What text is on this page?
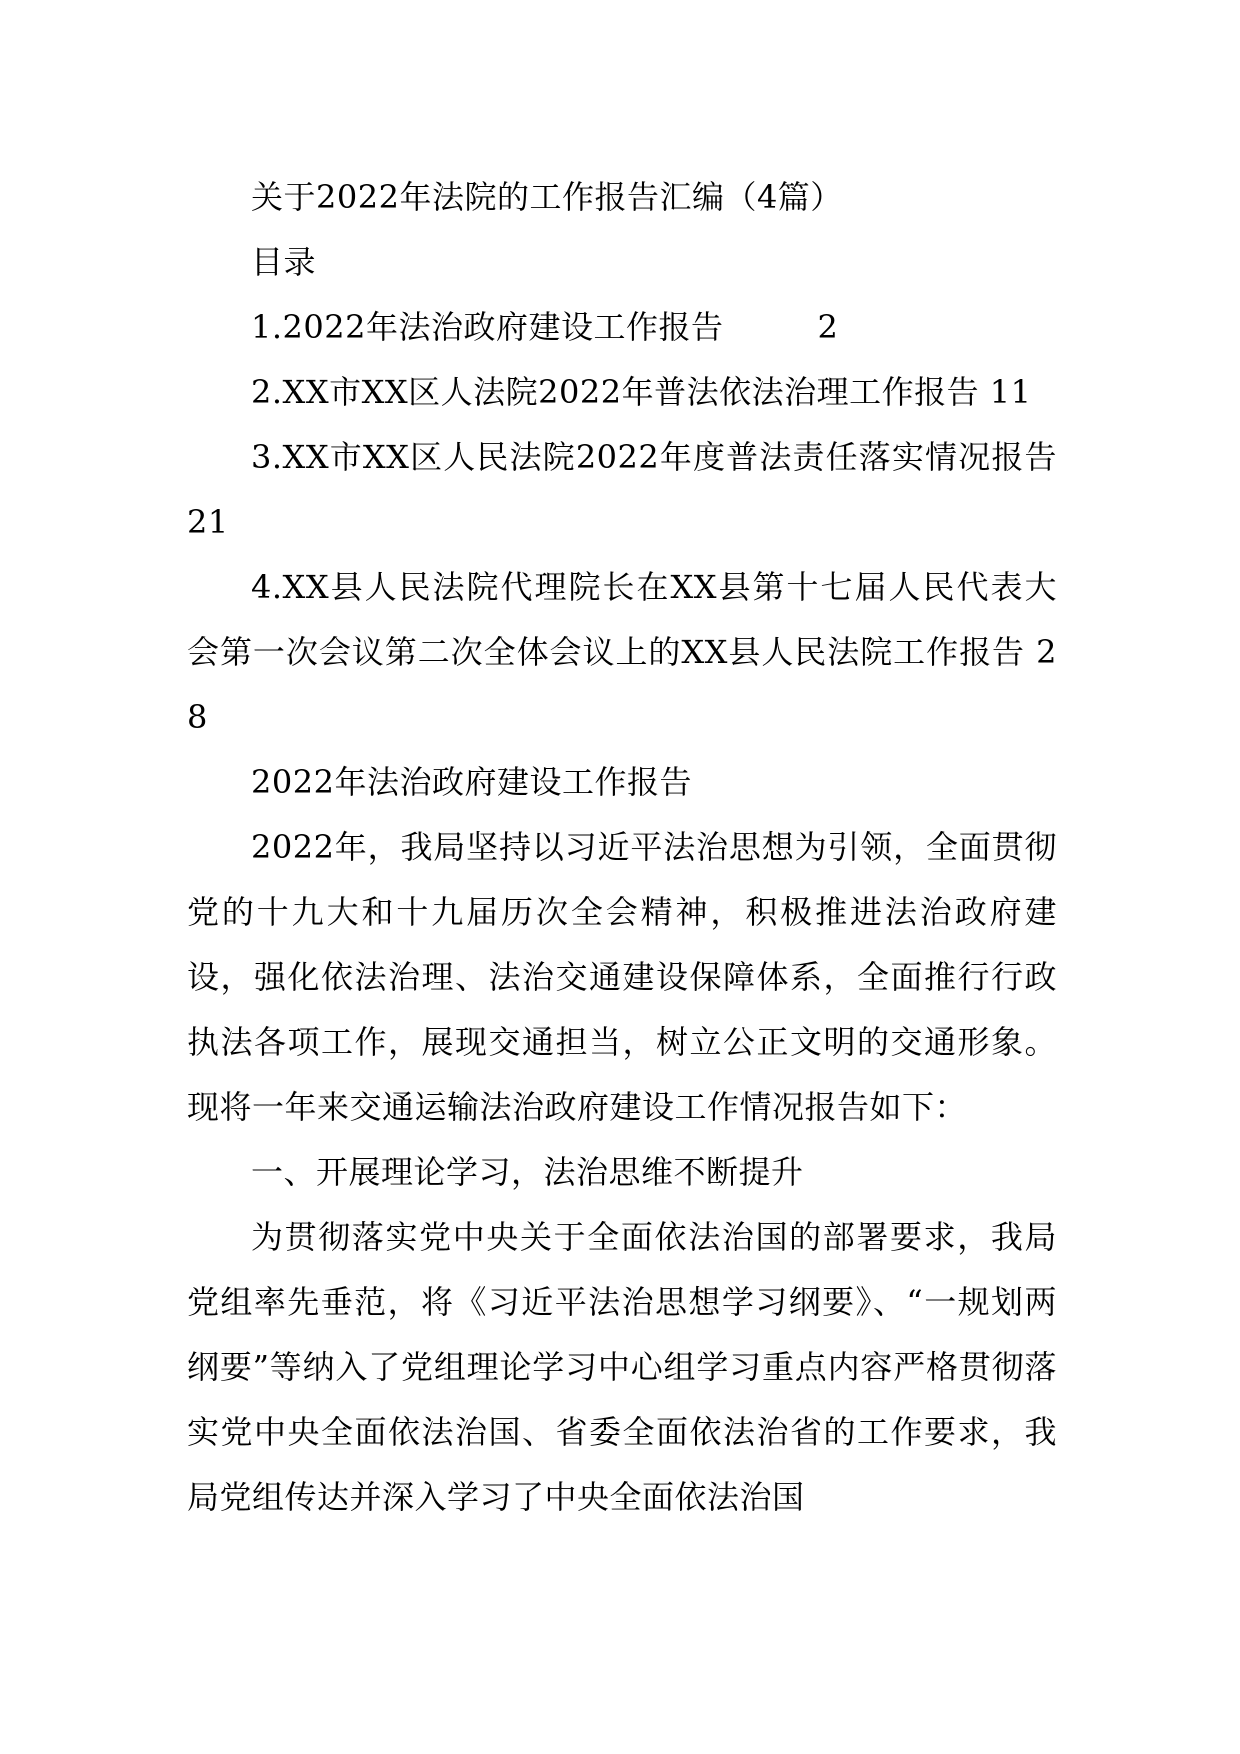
关于2022年法院的工作报告汇编（4篇）

目录

1.2022年法治政府建设工作报告	2

2.XX市XX区人法院2022年普法依法治理工作报告 11

3.XX市XX区人民法院2022年度普法责任落实情况报告 21

4.XX县人民法院代理院长在XX县第十七届人民代表大会第一次会议第二次全体会议上的XX县人民法院工作报告 28

2022年法治政府建设工作报告

2022年，我局坚持以习近平法治思想为引领，全面贯彻党的十九大和十九届历次全会精神，积极推进法治政府建设，强化依法治理、法治交通建设保障体系，全面推行行政执法各项工作，展现交通担当，树立公正文明的交通形象。现将一年来交通运输法治政府建设工作情况报告如下：

一、开展理论学习，法治思维不断提升

为贯彻落实党中央关于全面依法治国的部署要求，我局党组率先垂范，将《习近平法治思想学习纲要》、“一规划两纲要”等纳入了党组理论学习中心组学习重点内容严格贯彻落实党中央全面依法治国、省委全面依法治省的工作要求，我局党组传达并深入学习了中央全面依法治国
